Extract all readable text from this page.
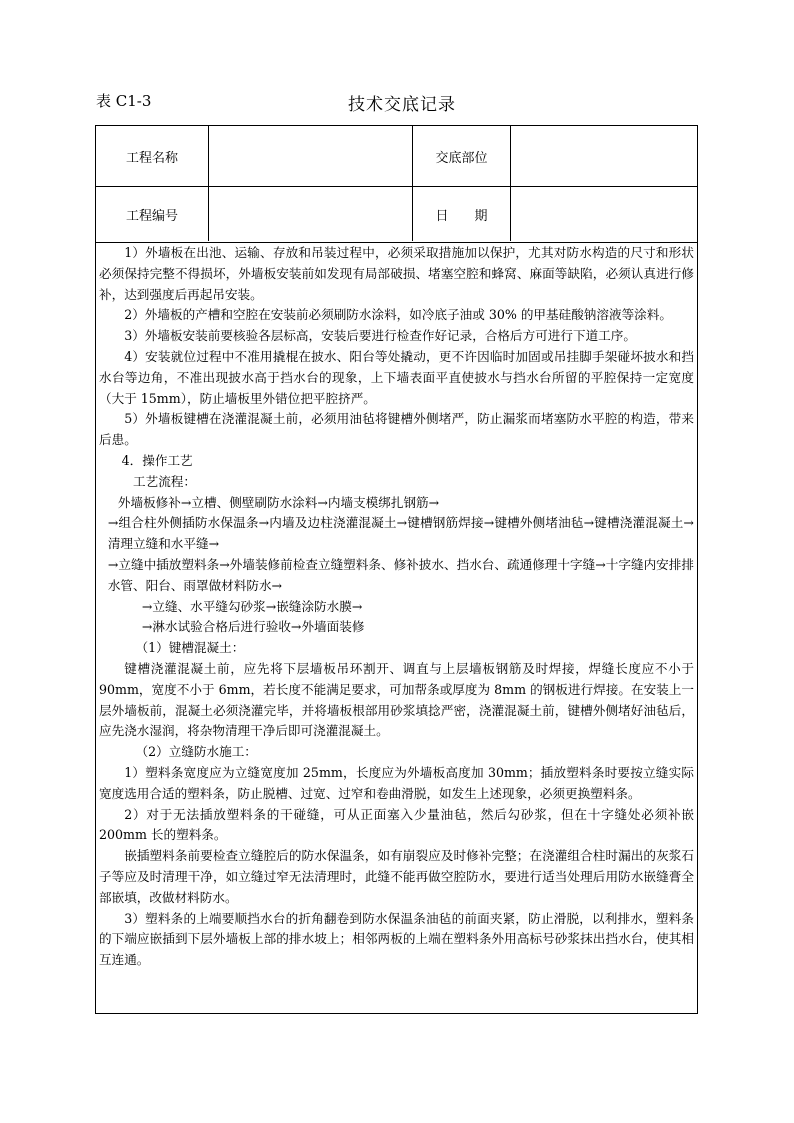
表 C1-3	技术交底记录
工程名称	交底部位
工程编号	日　　期

1）外墙板在出池、运输、存放和吊装过程中，必须采取措施加以保护，尤其对防水构造的尺寸和形状必须保持完整不得损坏，外墙板安装前如发现有局部破损、堵塞空腔和蜂窝、麻面等缺陷，必须认真进行修补，达到强度后再起吊安装。

2）外墙板的产槽和空腔在安装前必须刷防水涂料，如冷底子油或 30% 的甲基硅酸钠溶液等涂料。

3）外墙板安装前要核验各层标高，安装后要进行检查作好记录，合格后方可进行下道工序。

4）安装就位过程中不准用撬棍在披水、阳台等处撬动，更不许因临时加固或吊挂脚手架碰坏披水和挡水台等边角，不准出现披水高于挡水台的现象，上下墙表面平直使披水与挡水台所留的平腔保持一定宽度（大于 15mm），防止墙板里外错位把平腔挤严。

5）外墙板键槽在浇灌混凝土前，必须用油毡将键槽外侧堵严，防止漏浆而堵塞防水平腔的构造，带来后患。

4．操作工艺

工艺流程：

外墙板修补→立槽、侧壁刷防水涂料→内墙支模绑扎钢筋→

→组合柱外侧插防水保温条→内墙及边柱浇灌混凝土→键槽钢筋焊接→键槽外侧堵油毡→键槽浇灌混凝土→清理立缝和水平缝→

→立缝中插放塑料条→外墙装修前检查立缝塑料条、修补披水、挡水台、疏通修理十字缝→十字缝内安排排水管、阳台、雨罩做材料防水→

→立缝、水平缝勾砂浆→嵌缝涂防水膜→

→淋水试验合格后进行验收→外墙面装修

（1）键槽混凝土：

键槽浇灌混凝土前，应先将下层墙板吊环割开、调直与上层墙板钢筋及时焊接，焊缝长度应不小于 90mm，宽度不小于 6mm，若长度不能满足要求，可加帮条或厚度为 8mm 的钢板进行焊接。在安装上一层外墙板前，混凝土必须浇灌完毕，并将墙板根部用砂浆填捻严密，浇灌混凝土前，键槽外侧堵好油毡后，应先浇水湿润，将杂物清理干净后即可浇灌混凝土。

（2）立缝防水施工：

1）塑料条宽度应为立缝宽度加 25mm，长度应为外墙板高度加 30mm；插放塑料条时要按立缝实际宽度选用合适的塑料条，防止脱槽、过宽、过窄和卷曲滑脱，如发生上述现象，必须更换塑料条。

2）对于无法插放塑料条的干碰缝，可从正面塞入少量油毡，然后勾砂浆，但在十字缝处必须补嵌 200mm 长的塑料条。

嵌插塑料条前要检查立缝腔后的防水保温条，如有崩裂应及时修补完整；在浇灌组合柱时漏出的灰浆石子等应及时清理干净，如立缝过窄无法清理时，此缝不能再做空腔防水，要进行适当处理后用防水嵌缝膏全部嵌填，改做材料防水。

3）塑料条的上端要顺挡水台的折角翻卷到防水保温条油毡的前面夹紧，防止滑脱，以利排水，塑料条的下端应嵌插到下层外墙板上部的排水坡上；相邻两板的上端在塑料条外用高标号砂浆抹出挡水台，使其相互连通。
